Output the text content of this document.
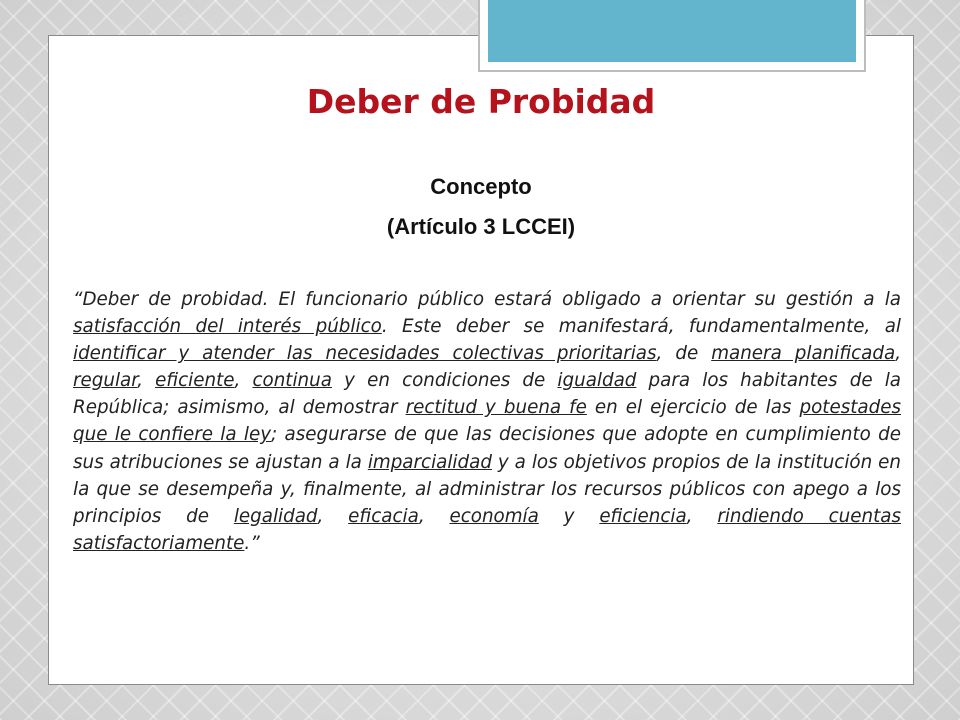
Deber de Probidad

Concepto

(Artículo 3 LCCEI)

“Deber de probidad. El funcionario público estará obligado a orientar su gestión a la satisfacción del interés público. Este deber se manifestará, fundamentalmente, al identificar y atender las necesidades colectivas prioritarias, de manera planificada, regular, eficiente, continua y en condiciones de igualdad para los habitantes de la República; asimismo, al demostrar rectitud y buena fe en el ejercicio de las potestades que le confiere la ley; asegurarse de que las decisiones que adopte en cumplimiento de sus atribuciones se ajustan a la imparcialidad y a los objetivos propios de la institución en la que se desempeña y, finalmente, al administrar los recursos públicos con apego a los principios de legalidad, eficacia, economía y eficiencia, rindiendo cuentas satisfactoriamente.”
